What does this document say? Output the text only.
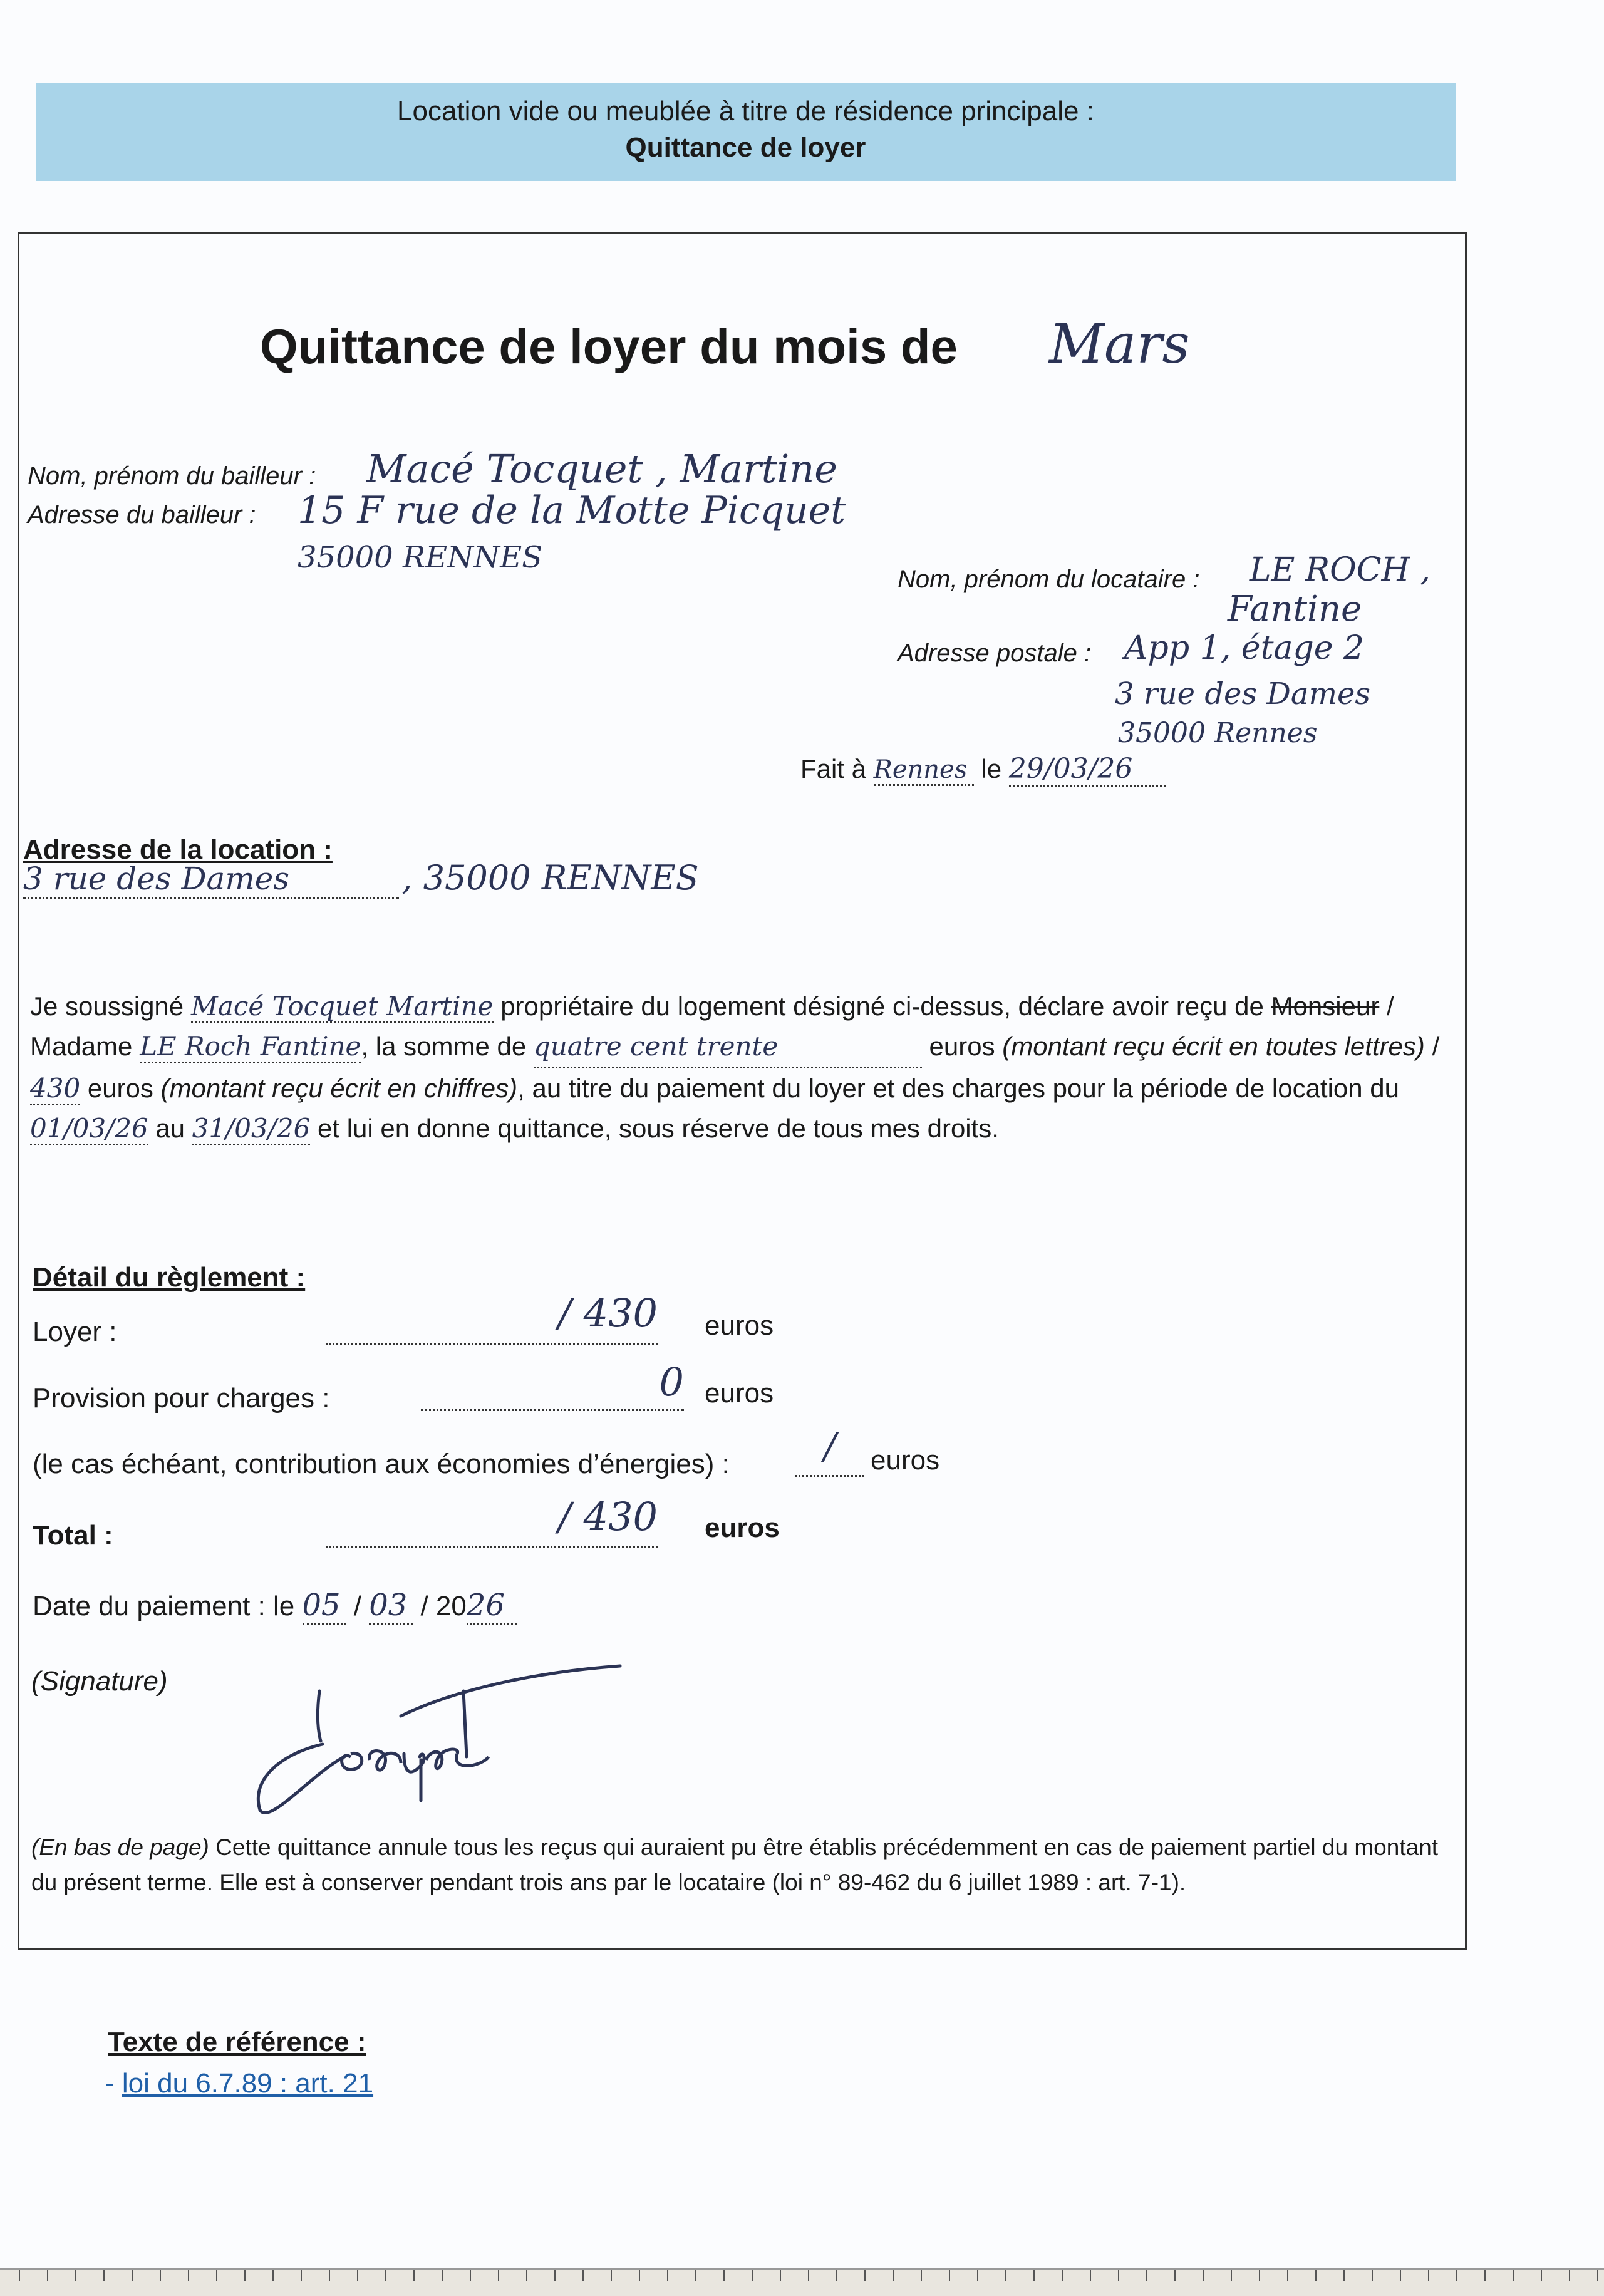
Location vide ou meublée à titre de résidence principale :
Quittance de loyer
Quittance de loyer du mois de Mars
Nom, prénom du bailleur : Macé Tocquet , Martine
Adresse du bailleur : 15 F rue de la Motte Picquet
35000 RENNES
Nom, prénom du locataire : LE ROCH ,
Fantine
Adresse postale : App 1, étage 2
3 rue des Dames
35000 Rennes
Fait à Rennes le 29/03/26
Adresse de la location :
3 rue des Dames	, 35000 RENNES
Je soussigné Macé Tocquet Martine propriétaire du logement désigné ci-dessus, déclare avoir reçu de Monsieur / Madame LE Roch Fantine, la somme de quatre cent trente	euros (montant reçu écrit en toutes lettres) / 430 euros (montant reçu écrit en chiffres), au titre du paiement du loyer et des charges pour la période de location du 01/03/26 au 31/03/26 et lui en donne quittance, sous réserve de tous mes droits.
Détail du règlement :
Loyer :	/ 430 euros
Provision pour charges :	0 euros
(le cas échéant, contribution aux économies d’énergies) :	/	euros
Total :	/ 430 euros
Date du paiement : le 05 / 03 / 2026
(Signature)
(En bas de page) Cette quittance annule tous les reçus qui auraient pu être établis précédemment en cas de paiement partiel du montant du présent terme. Elle est à conserver pendant trois ans par le locataire (loi n° 89-462 du 6 juillet 1989 : art. 7-1).
Texte de référence :
- loi du 6.7.89 : art. 21
